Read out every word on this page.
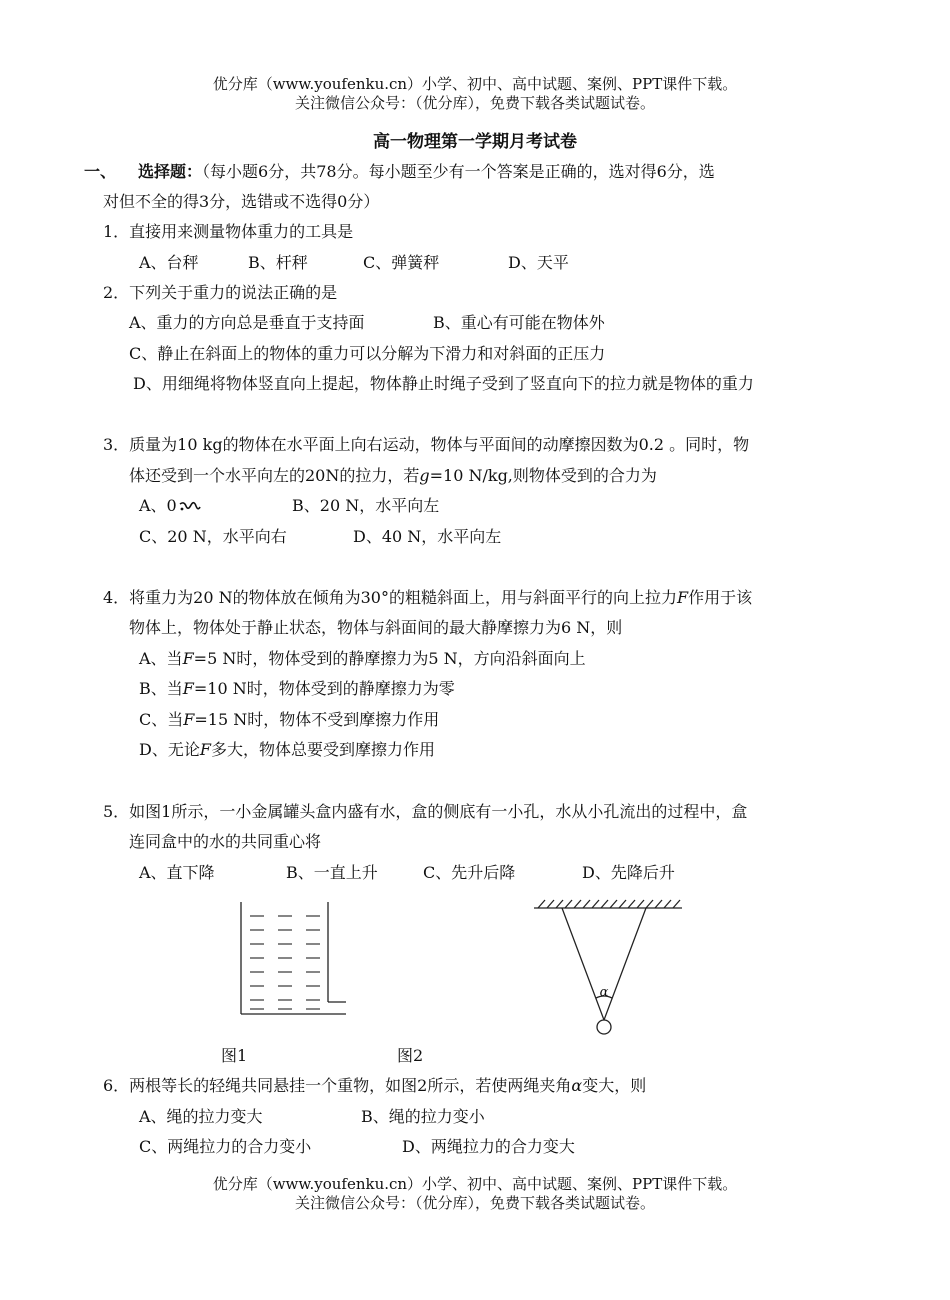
优分库（www.youfenku.cn）小学、初中、高中试题、案例、PPT课件下载。
关注微信公众号：（优分库），免费下载各类试题试卷。
高一物理第一学期月考试卷
一、 选择题：（每小题6分，共78分。每小题至少有一个答案是正确的，选对得6分，选
对但不全的得3分，选错或不选得0分）
1．直接用来测量物体重力的工具是
A、台秤	B、杆秤	C、弹簧秤	D、天平
2．下列关于重力的说法正确的是
A、重力的方向总是垂直于支持面	B、重心有可能在物体外
C、静止在斜面上的物体的重力可以分解为下滑力和对斜面的正压力
D、用细绳将物体竖直向上提起，物体静止时绳子受到了竖直向下的拉力就是物体的重力
3．质量为10 kg的物体在水平面上向右运动，物体与平面间的动摩擦因数为0.2 。同时，物
体还受到一个水平向左的20N的拉力，若g=10 N/kg,则物体受到的合力为
A、0	B、20 N，水平向左
C、20 N，水平向右	D、40 N，水平向左
4．将重力为20 N的物体放在倾角为30°的粗糙斜面上，用与斜面平行的向上拉力F作用于该
物体上，物体处于静止状态，物体与斜面间的最大静摩擦力为6 N，则
A、当F=5 N时，物体受到的静摩擦力为5 N，方向沿斜面向上
B、当F=10 N时，物体受到的静摩擦力为零
C、当F=15 N时，物体不受到摩擦力作用
D、无论F多大，物体总要受到摩擦力作用
5．如图1所示，一小金属罐头盒内盛有水，盒的侧底有一小孔，水从小孔流出的过程中，盒
连同盒中的水的共同重心将
A、直下降	B、一直上升	C、先升后降	D、先降后升
α
图1	图2
6．两根等长的轻绳共同悬挂一个重物，如图2所示，若使两绳夹角α变大，则
A、绳的拉力变大	B、绳的拉力变小
C、两绳拉力的合力变小	D、两绳拉力的合力变大
优分库（www.youfenku.cn）小学、初中、高中试题、案例、PPT课件下载。
关注微信公众号：（优分库），免费下载各类试题试卷。
